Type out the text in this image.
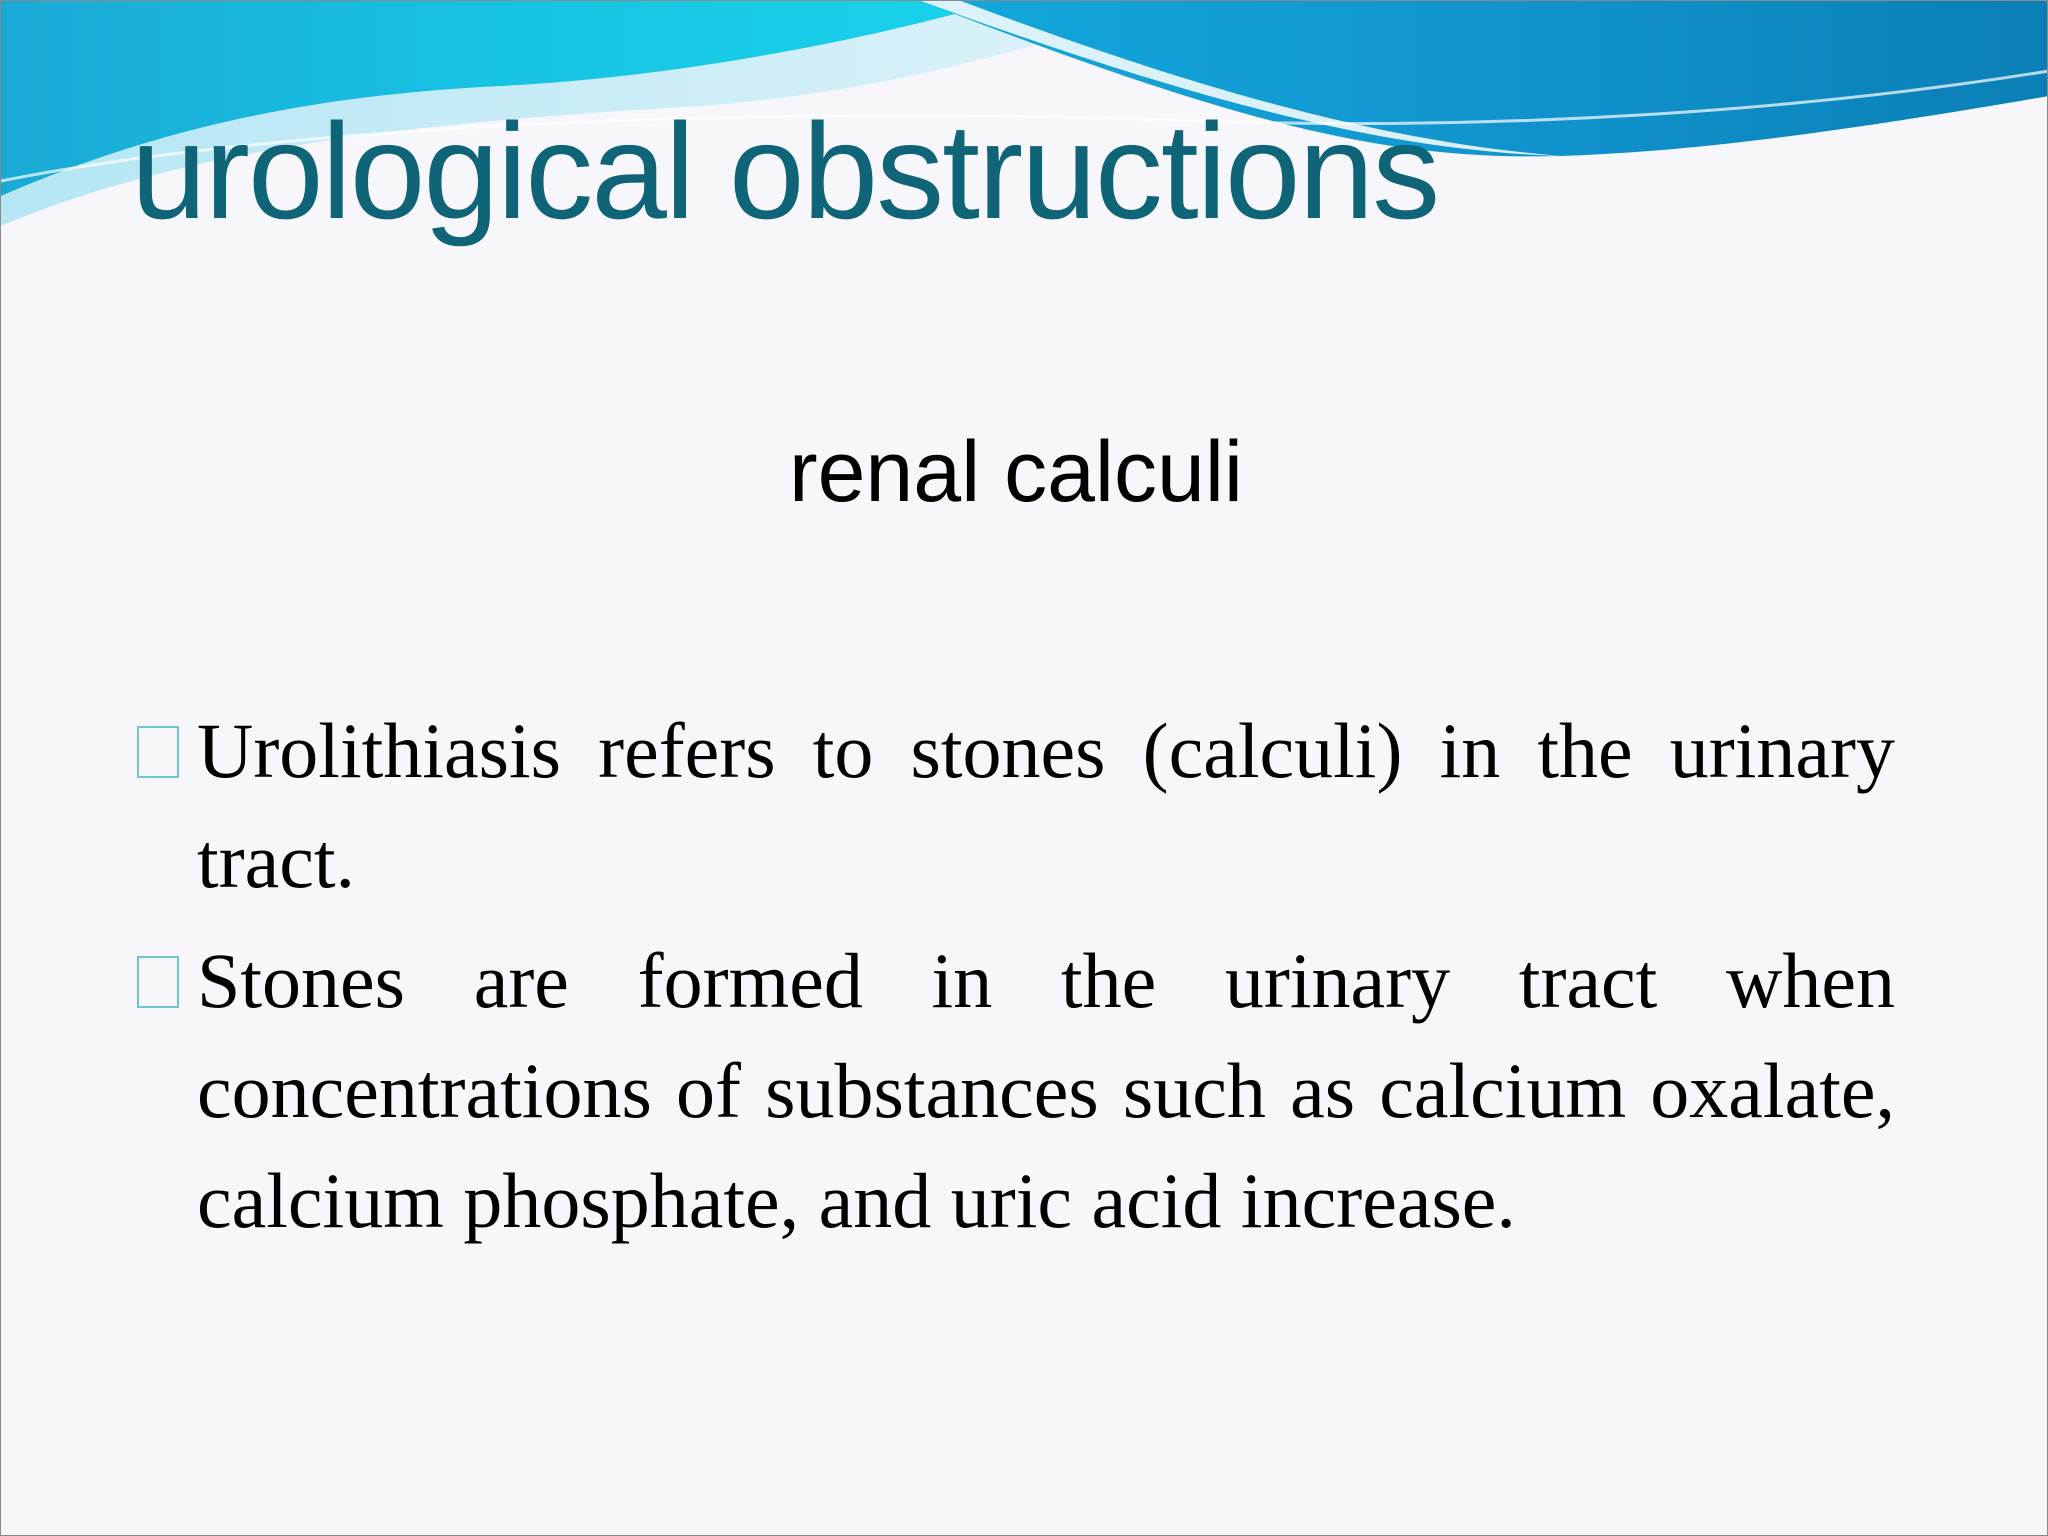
urological obstructions
renal calculi
Urolithiasis refers to stones (calculi) in the urinary tract.
Stones are formed in the urinary tract when concentrations of substances such as calcium oxalate, calcium phosphate, and uric acid increase.
